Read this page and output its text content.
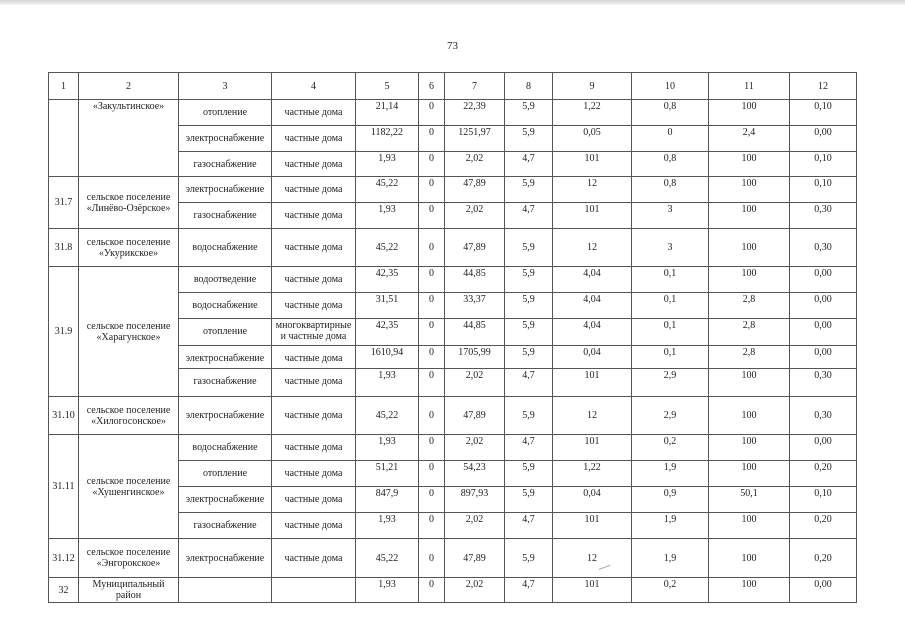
73
1	2	3	4	5	6	7	8	9	10	11	12
	«Закультинское»	отопление	частные дома	21,14	0	22,39	5,9	1,22	0,8	100	0,10
		электроснабжение	частные дома	1182,22	0	1251,97	5,9	0,05	0	2,4	0,00
		газоснабжение	частные дома	1,93	0	2,02	4,7	101	0,8	100	0,10
31.7	сельское поселение «Линёво-Озёрское»	электроснабжение	частные дома	45,22	0	47,89	5,9	12	0,8	100	0,10
		газоснабжение	частные дома	1,93	0	2,02	4,7	101	3	100	0,30
31.8	сельское поселение «Укурикское»	водоснабжение	частные дома	45,22	0	47,89	5,9	12	3	100	0,30
31.9	сельское поселение «Харагунское»	водоотведение	частные дома	42,35	0	44,85	5,9	4,04	0,1	100	0,00
		водоснабжение	частные дома	31,51	0	33,37	5,9	4,04	0,1	2,8	0,00
		отопление	многоквартирные и частные дома	42,35	0	44,85	5,9	4,04	0,1	2,8	0,00
		электроснабжение	частные дома	1610,94	0	1705,99	5,9	0,04	0,1	2,8	0,00
		газоснабжение	частные дома	1,93	0	2,02	4,7	101	2,9	100	0,30
31.10	сельское поселение «Хилогосонское»	электроснабжение	частные дома	45,22	0	47,89	5,9	12	2,9	100	0,30
31.11	сельское поселение «Хушенгинское»	водоснабжение	частные дома	1,93	0	2,02	4,7	101	0,2	100	0,00
		отопление	частные дома	51,21	0	54,23	5,9	1,22	1,9	100	0,20
		электроснабжение	частные дома	847,9	0	897,93	5,9	0,04	0,9	50,1	0,10
		газоснабжение	частные дома	1,93	0	2,02	4,7	101	1,9	100	0,20
31.12	сельское поселение «Энгорокское»	электроснабжение	частные дома	45,22	0	47,89	5,9	12	1,9	100	0,20
32	Муниципальный район			1,93	0	2,02	4,7	101	0,2	100	0,00
